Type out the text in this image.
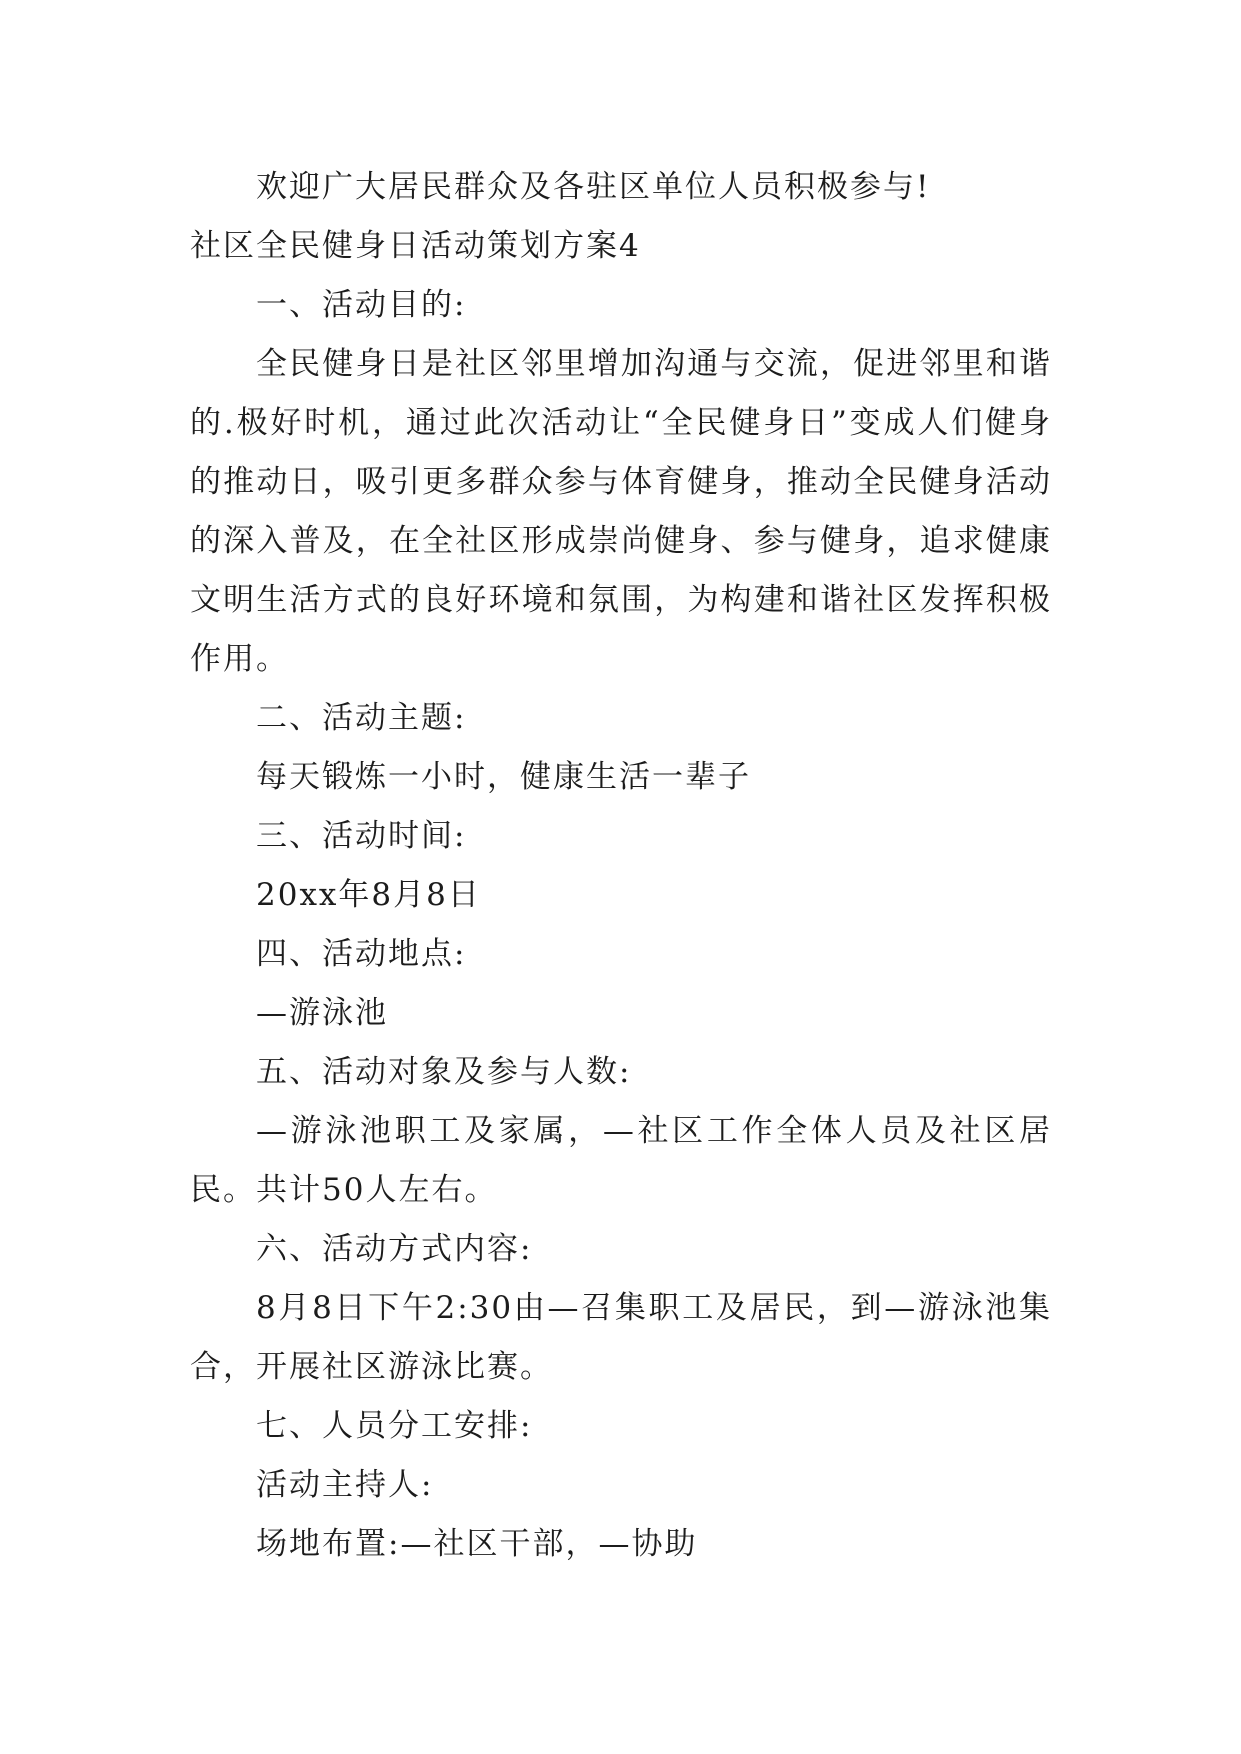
欢迎广大居民群众及各驻区单位人员积极参与!

社区全民健身日活动策划方案4

一、活动目的:

全民健身日是社区邻里增加沟通与交流，促进邻里和谐的.极好时机，通过此次活动让“全民健身日”变成人们健身的推动日，吸引更多群众参与体育健身，推动全民健身活动的深入普及，在全社区形成崇尚健身、参与健身，追求健康文明生活方式的良好环境和氛围，为构建和谐社区发挥积极作用。

二、活动主题:

每天锻炼一小时，健康生活一辈子

三、活动时间:

20xx年8月8日

四、活动地点:

—游泳池

五、活动对象及参与人数:

—游泳池职工及家属，—社区工作全体人员及社区居民。共计50人左右。

六、活动方式内容:

8月8日下午2:30由—召集职工及居民，到—游泳池集合，开展社区游泳比赛。

七、人员分工安排:

活动主持人:

场地布置:—社区干部，—协助
